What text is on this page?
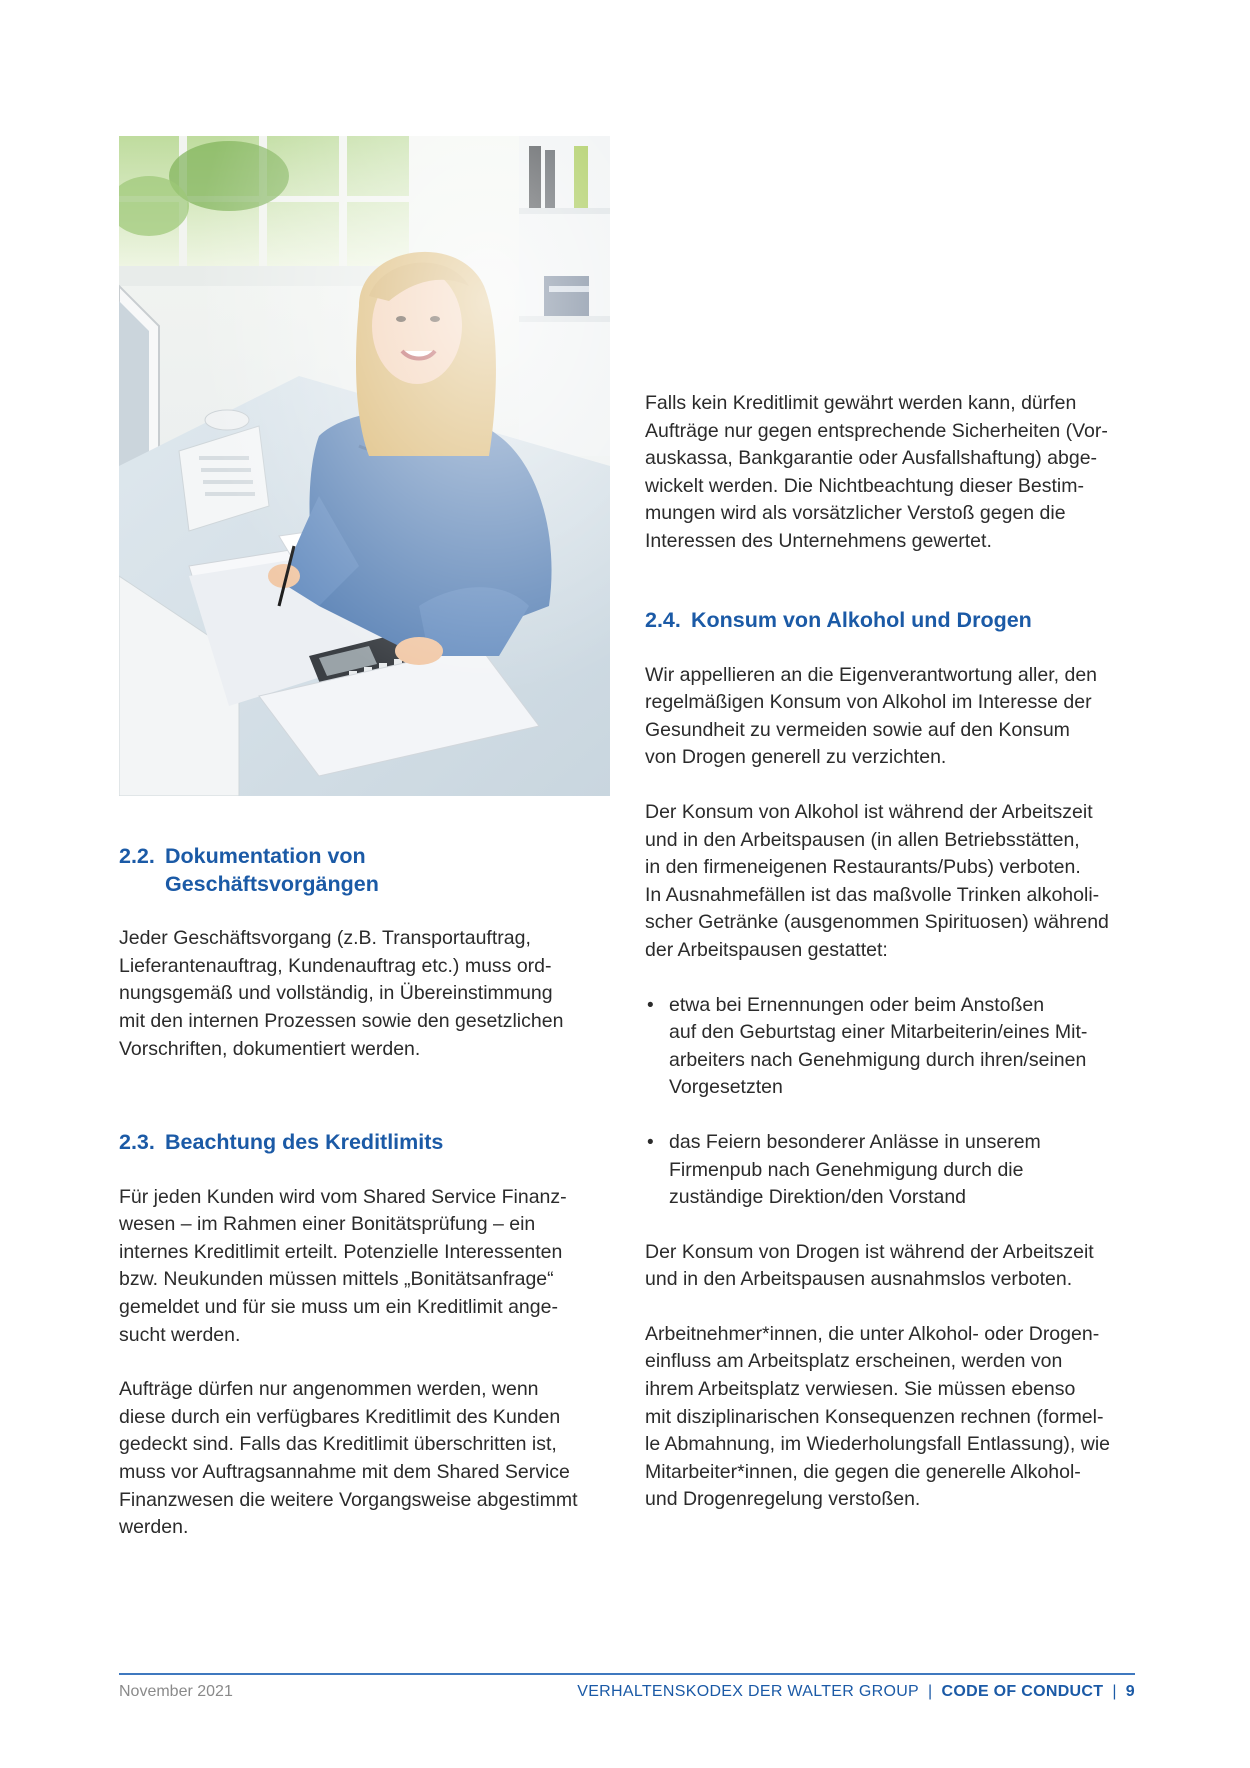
2.2. Dokumentation von
Geschäftsvorgängen

Jeder Geschäftsvorgang (z.B. Transportauftrag,
Lieferantenauftrag, Kundenauftrag etc.) muss ord-
nungsgemäß und vollständig, in Übereinstimmung
mit den internen Prozessen sowie den gesetzlichen
Vorschriften, dokumentiert werden.

2.3. Beachtung des Kreditlimits

Für jeden Kunden wird vom Shared Service Finanz-
wesen – im Rahmen einer Bonitätsprüfung – ein
internes Kreditlimit erteilt. Potenzielle Interessenten
bzw. Neukunden müssen mittels „Bonitätsanfrage“
gemeldet und für sie muss um ein Kreditlimit ange-
sucht werden.

Aufträge dürfen nur angenommen werden, wenn
diese durch ein verfügbares Kreditlimit des Kunden
gedeckt sind. Falls das Kreditlimit überschritten ist,
muss vor Auftragsannahme mit dem Shared Service
Finanzwesen die weitere Vorgangsweise abgestimmt
werden.

Falls kein Kreditlimit gewährt werden kann, dürfen
Aufträge nur gegen entsprechende Sicherheiten (Vor-
auskassa, Bankgarantie oder Ausfallshaftung) abge-
wickelt werden. Die Nichtbeachtung dieser Bestim-
mungen wird als vorsätzlicher Verstoß gegen die
Interessen des Unternehmens gewertet.

2.4. Konsum von Alkohol und Drogen

Wir appellieren an die Eigenverantwortung aller, den
regelmäßigen Konsum von Alkohol im Interesse der
Gesundheit zu vermeiden sowie auf den Konsum
von Drogen generell zu verzichten.

Der Konsum von Alkohol ist während der Arbeitszeit
und in den Arbeitspausen (in allen Betriebsstätten,
in den firmeneigenen Restaurants/Pubs) verboten.
In Ausnahmefällen ist das maßvolle Trinken alkoholi-
scher Getränke (ausgenommen Spirituosen) während
der Arbeitspausen gestattet:

• etwa bei Ernennungen oder beim Anstoßen
auf den Geburtstag einer Mitarbeiterin/eines Mit-
arbeiters nach Genehmigung durch ihren/seinen
Vorgesetzten
• das Feiern besonderer Anlässe in unserem
Firmenpub nach Genehmigung durch die
zuständige Direktion/den Vorstand

Der Konsum von Drogen ist während der Arbeitszeit
und in den Arbeitspausen ausnahmslos verboten.

Arbeitnehmer*innen, die unter Alkohol- oder Drogen-
einfluss am Arbeitsplatz erscheinen, werden von
ihrem Arbeitsplatz verwiesen. Sie müssen ebenso
mit disziplinarischen Konsequenzen rechnen (formel-
le Abmahnung, im Wiederholungsfall Entlassung), wie
Mitarbeiter*innen, die gegen die generelle Alkohol-
und Drogenregelung verstoßen.

November 2021	VERHALTENSKODEX DER WALTER GROUP | CODE OF CONDUCT | 9
